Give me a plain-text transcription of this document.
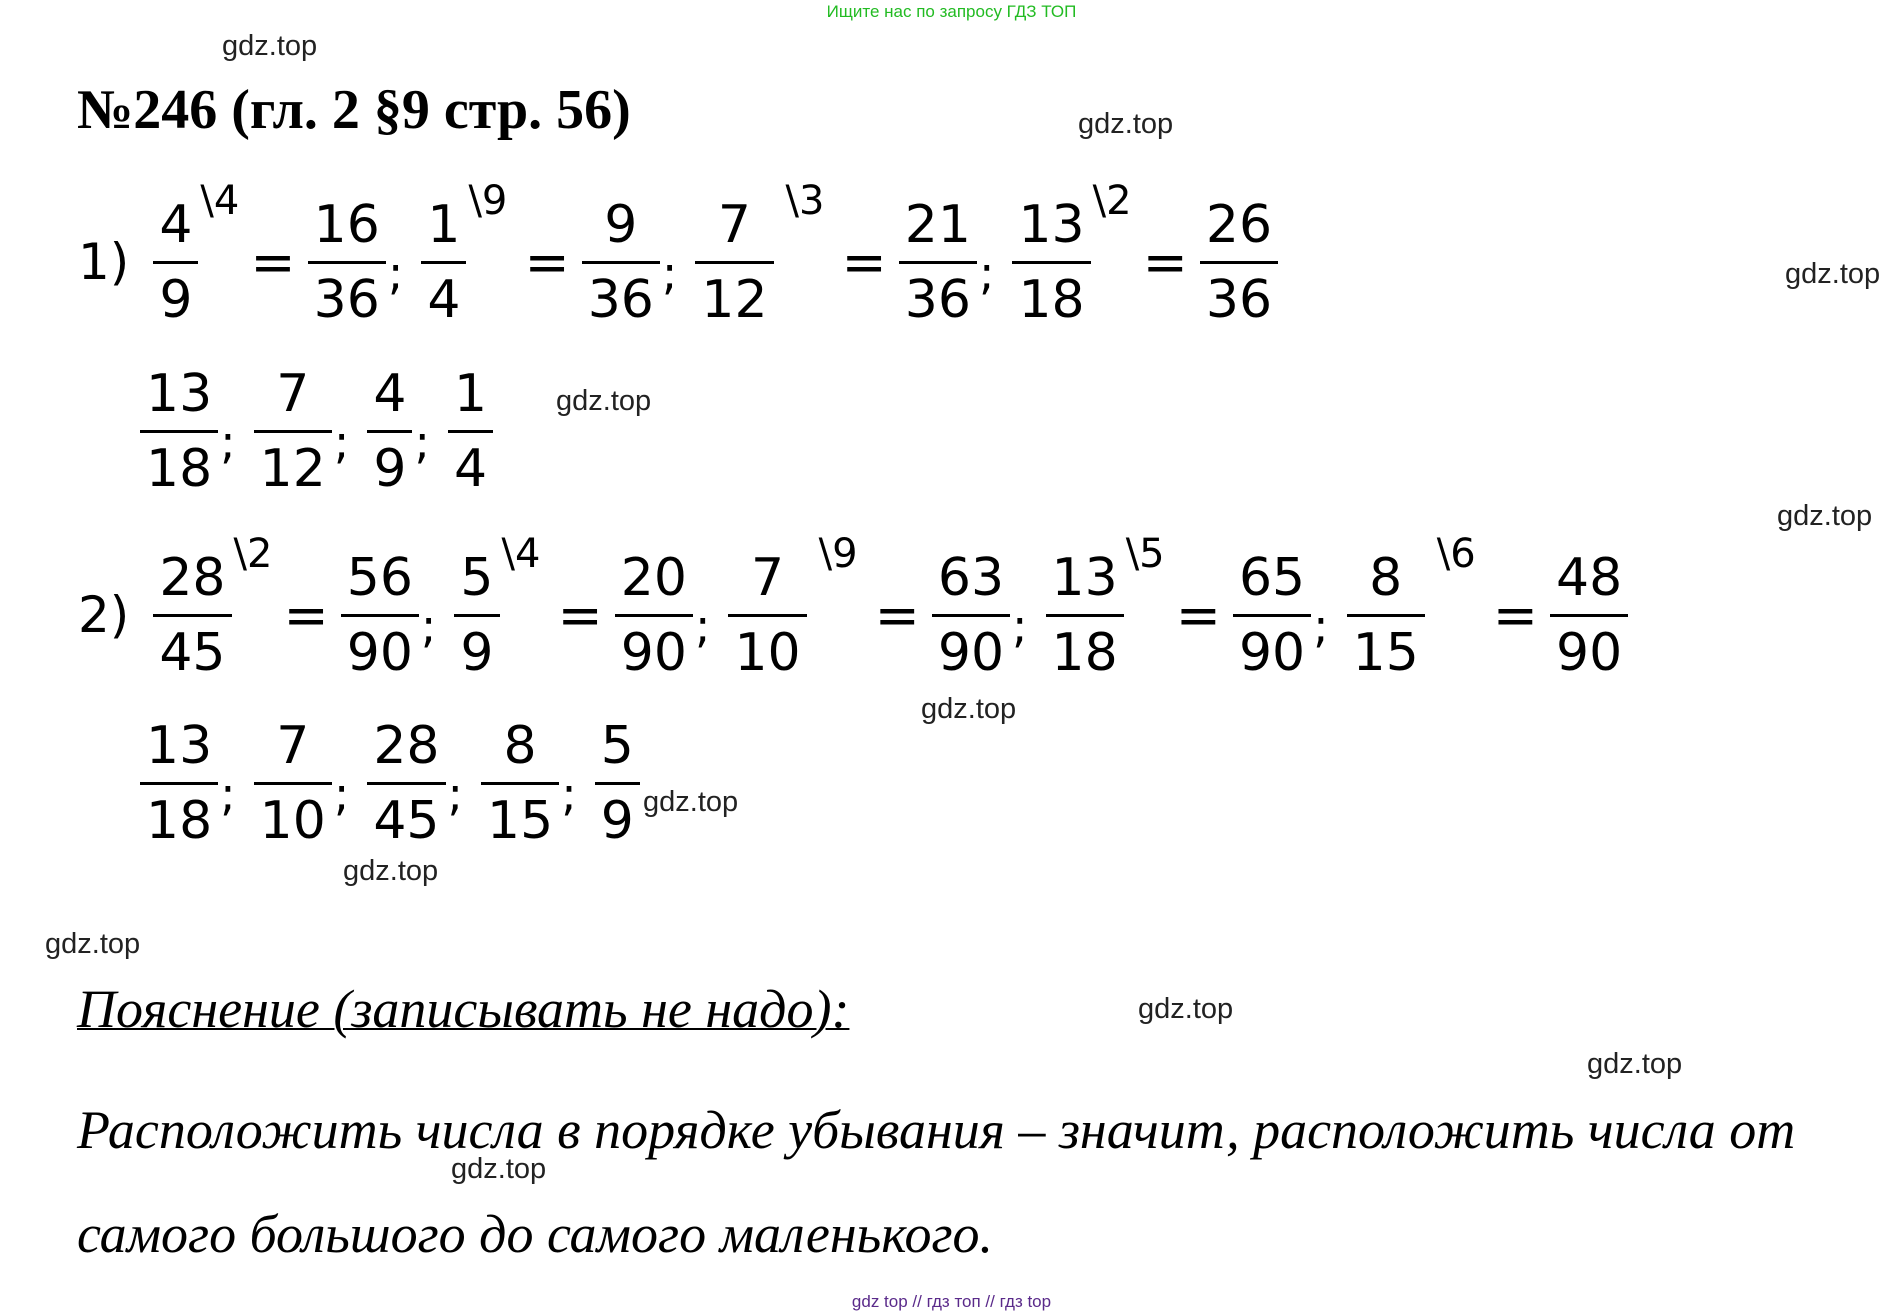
Ищите нас по запросу ГДЗ ТОП
gdz.top
gdz.top
gdz.top
gdz.top
gdz.top
gdz.top
gdz.top
gdz.top
gdz.top
gdz.top
gdz.top
gdz.top
№246 (гл. 2 §9 стр. 56)
1)
4
9
\4
= $\frac{16}{36}$ ;
1
4
\9
= $\frac{9}{36}$ ;
7
12
\3
= $\frac{21}{36}$ ;
13
18
\2
= $\frac{26}{36}$
$\frac{13}{18}$ ; $\frac{7}{12}$ ; $\frac{4}{9}$ ; $\frac{1}{4}$
2)
28
45
\2
= $\frac{56}{90}$ ;
5
9
\4
= $\frac{20}{90}$ ;
7
10
\9
= $\frac{63}{90}$ ;
13
18
\5
= $\frac{65}{90}$ ;
8
15
\6
= $\frac{48}{90}$
$\frac{13}{18}$ ; $\frac{7}{10}$ ; $\frac{28}{45}$ ; $\frac{8}{15}$ ; $\frac{5}{9}$
Пояснение (записывать не надо):
Расположить числа в порядке убывания – значит, расположить числа от самого большого до самого маленького.
gdz top // гдз топ // гдз top
